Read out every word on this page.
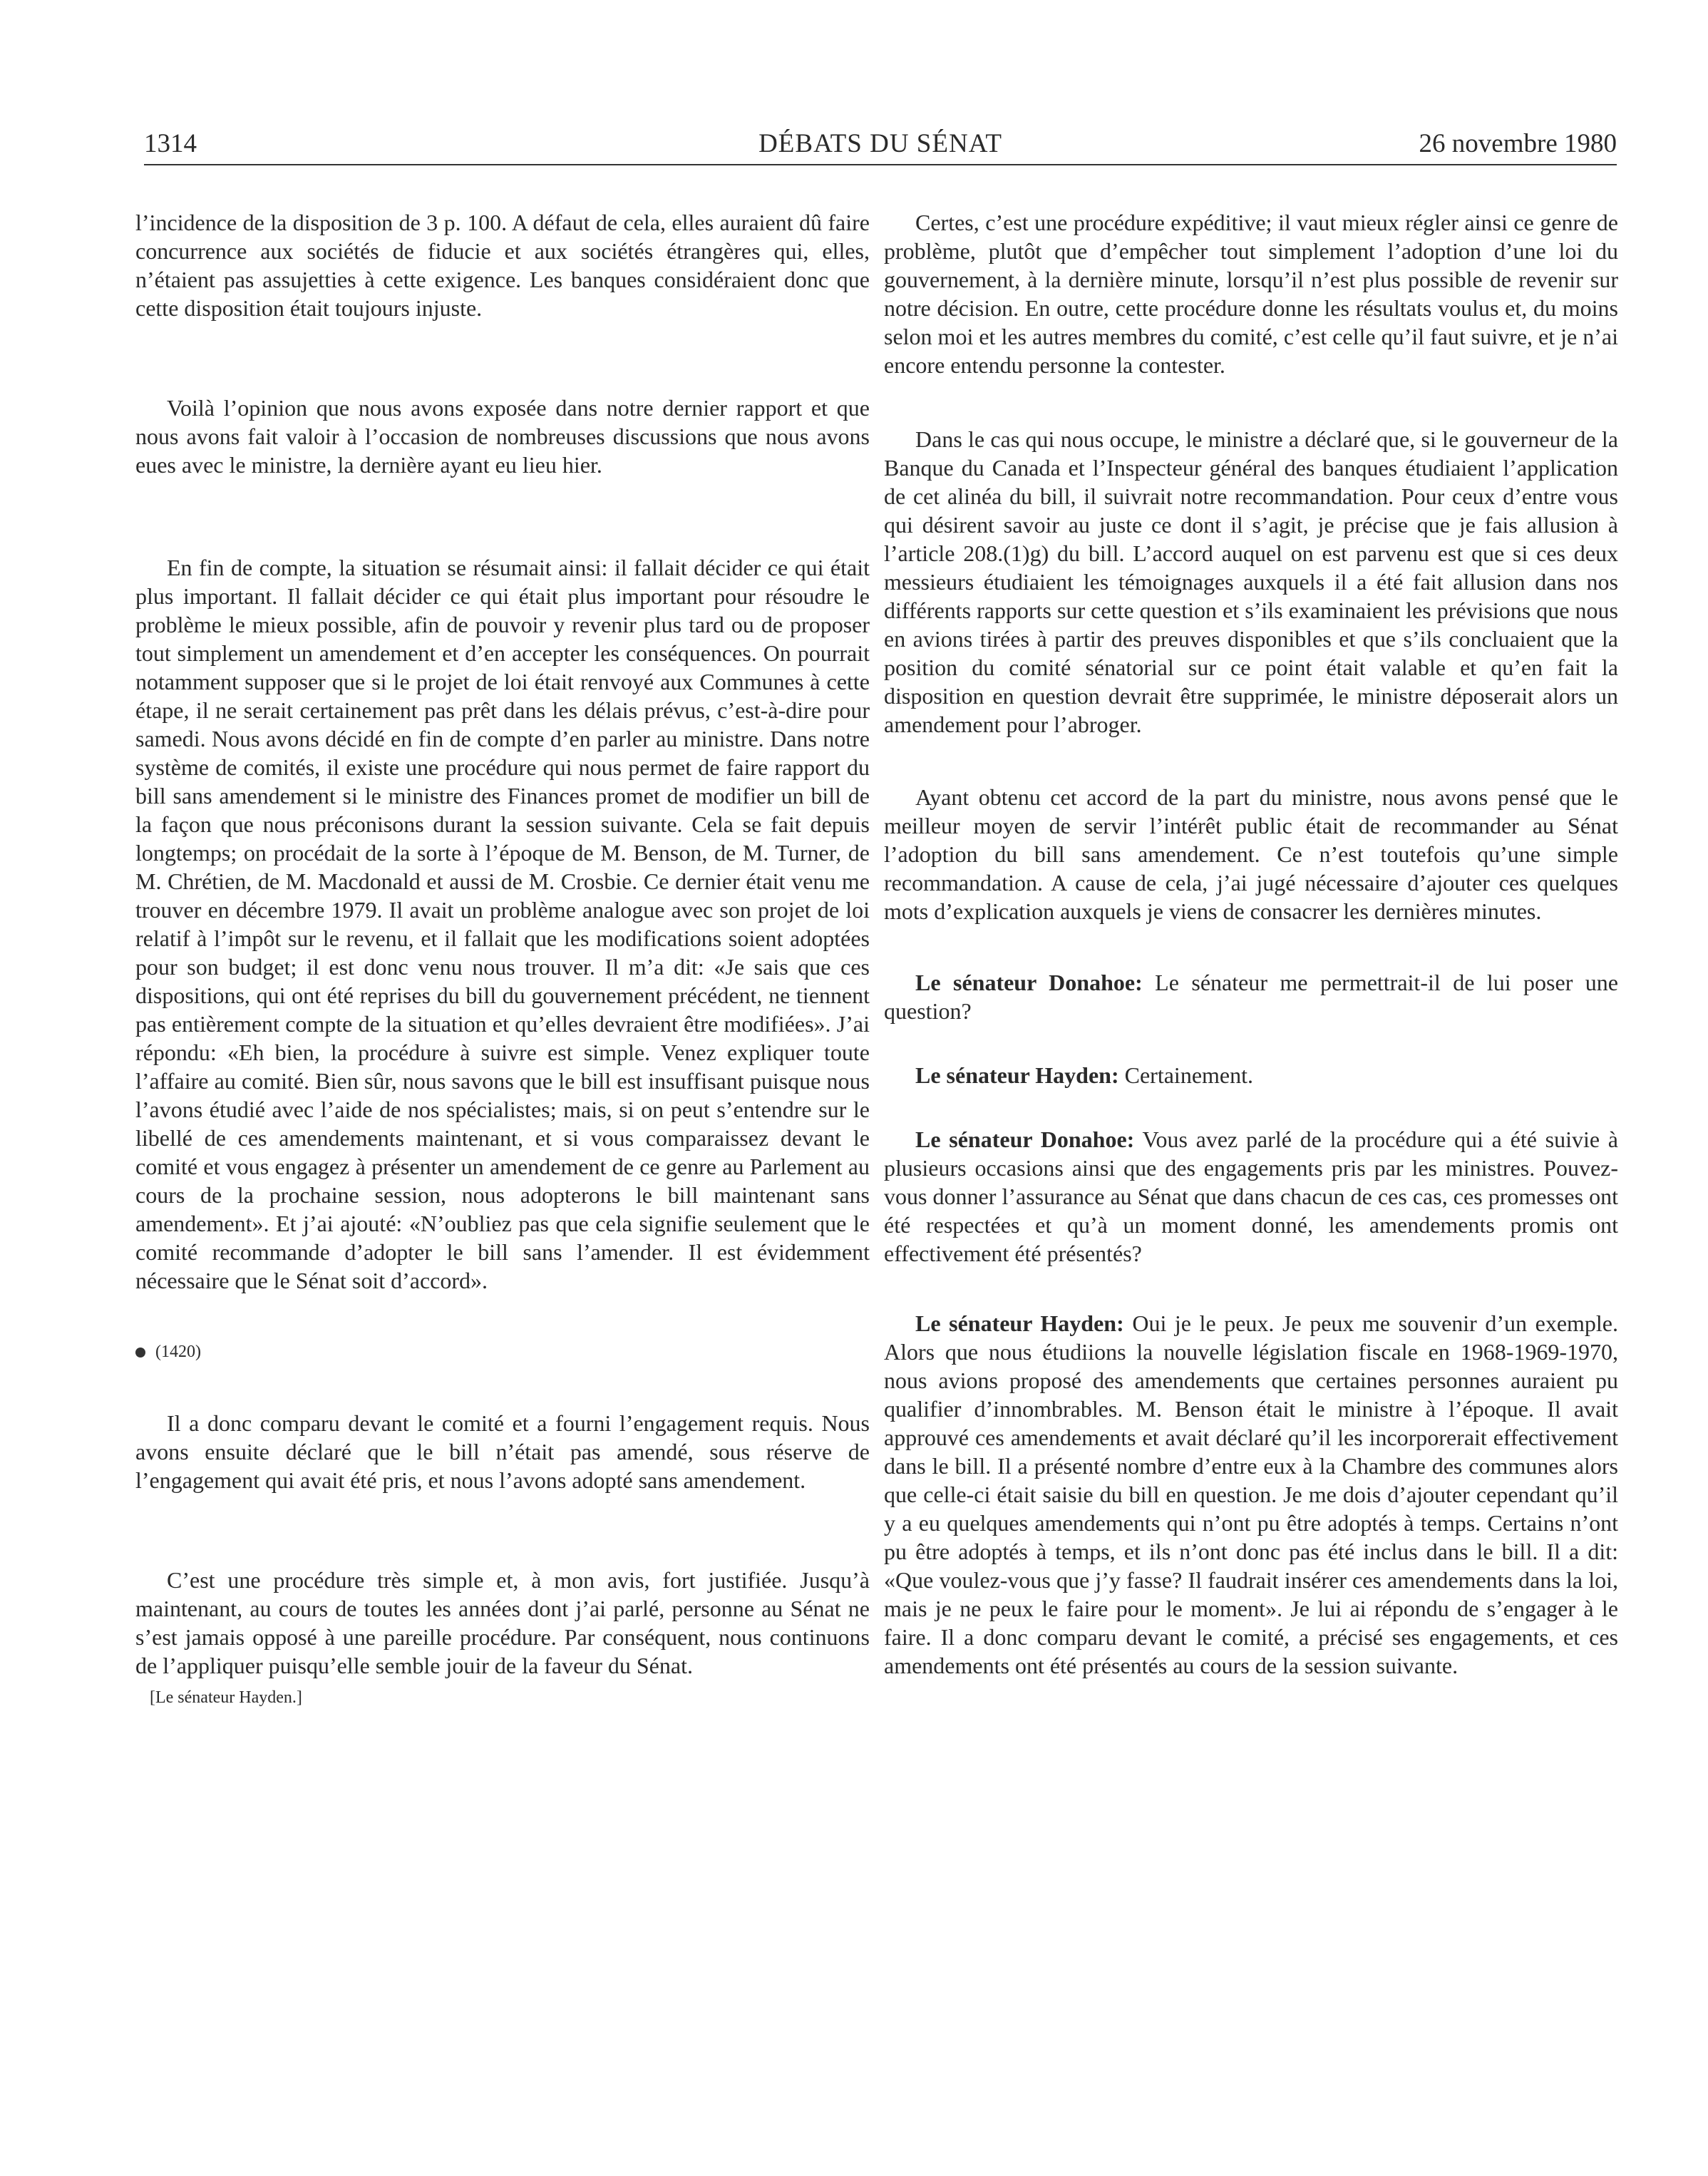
1314	DÉBATS DU SÉNAT	26 novembre 1980

l’incidence de la disposition de 3 p. 100. A défaut de cela, elles auraient dû faire concurrence aux sociétés de fiducie et aux sociétés étrangères qui, elles, n’étaient pas assujetties à cette exigence. Les banques considéraient donc que cette disposition était toujours injuste.

Voilà l’opinion que nous avons exposée dans notre dernier rapport et que nous avons fait valoir à l’occasion de nombreuses discussions que nous avons eues avec le ministre, la dernière ayant eu lieu hier.

En fin de compte, la situation se résumait ainsi: il fallait décider ce qui était plus important. Il fallait décider ce qui était plus important pour résoudre le problème le mieux possible, afin de pouvoir y revenir plus tard ou de proposer tout simplement un amendement et d’en accepter les conséquences. On pourrait notamment supposer que si le projet de loi était renvoyé aux Communes à cette étape, il ne serait certainement pas prêt dans les délais prévus, c’est-à-dire pour samedi. Nous avons décidé en fin de compte d’en parler au ministre. Dans notre système de comités, il existe une procédure qui nous permet de faire rapport du bill sans amendement si le ministre des Finances promet de modifier un bill de la façon que nous préconisons durant la session suivante. Cela se fait depuis longtemps; on procédait de la sorte à l’époque de M. Benson, de M. Turner, de M. Chrétien, de M. Macdonald et aussi de M. Crosbie. Ce dernier était venu me trouver en décembre 1979. Il avait un problème analogue avec son projet de loi relatif à l’impôt sur le revenu, et il fallait que les modifications soient adoptées pour son budget; il est donc venu nous trouver. Il m’a dit: «Je sais que ces dispositions, qui ont été reprises du bill du gouvernement précédent, ne tiennent pas entièrement compte de la situation et qu’elles devraient être modifiées». J’ai répondu: «Eh bien, la procédure à suivre est simple. Venez expliquer toute l’affaire au comité. Bien sûr, nous savons que le bill est insuffisant puisque nous l’avons étudié avec l’aide de nos spécialistes; mais, si on peut s’entendre sur le libellé de ces amendements maintenant, et si vous comparaissez devant le comité et vous engagez à présenter un amendement de ce genre au Parlement au cours de la prochaine session, nous adopterons le bill maintenant sans amendement». Et j’ai ajouté: «N’oubliez pas que cela signifie seulement que le comité recommande d’adopter le bill sans l’amender. Il est évidemment nécessaire que le Sénat soit d’accord».

(1420)

Il a donc comparu devant le comité et a fourni l’engagement requis. Nous avons ensuite déclaré que le bill n’était pas amendé, sous réserve de l’engagement qui avait été pris, et nous l’avons adopté sans amendement.

C’est une procédure très simple et, à mon avis, fort justifiée. Jusqu’à maintenant, au cours de toutes les années dont j’ai parlé, personne au Sénat ne s’est jamais opposé à une pareille procédure. Par conséquent, nous continuons de l’appliquer puisqu’elle semble jouir de la faveur du Sénat.

[Le sénateur Hayden.]

Certes, c’est une procédure expéditive; il vaut mieux régler ainsi ce genre de problème, plutôt que d’empêcher tout simplement l’adoption d’une loi du gouvernement, à la dernière minute, lorsqu’il n’est plus possible de revenir sur notre décision. En outre, cette procédure donne les résultats voulus et, du moins selon moi et les autres membres du comité, c’est celle qu’il faut suivre, et je n’ai encore entendu personne la contester.

Dans le cas qui nous occupe, le ministre a déclaré que, si le gouverneur de la Banque du Canada et l’Inspecteur général des banques étudiaient l’application de cet alinéa du bill, il suivrait notre recommandation. Pour ceux d’entre vous qui désirent savoir au juste ce dont il s’agit, je précise que je fais allusion à l’article 208.(1)g) du bill. L’accord auquel on est parvenu est que si ces deux messieurs étudiaient les témoignages auxquels il a été fait allusion dans nos différents rapports sur cette question et s’ils examinaient les prévisions que nous en avions tirées à partir des preuves disponibles et que s’ils concluaient que la position du comité sénatorial sur ce point était valable et qu’en fait la disposition en question devrait être supprimée, le ministre déposerait alors un amendement pour l’abroger.

Ayant obtenu cet accord de la part du ministre, nous avons pensé que le meilleur moyen de servir l’intérêt public était de recommander au Sénat l’adoption du bill sans amendement. Ce n’est toutefois qu’une simple recommandation. A cause de cela, j’ai jugé nécessaire d’ajouter ces quelques mots d’explication auxquels je viens de consacrer les dernières minutes.

Le sénateur Donahoe: Le sénateur me permettrait-il de lui poser une question?

Le sénateur Hayden: Certainement.

Le sénateur Donahoe: Vous avez parlé de la procédure qui a été suivie à plusieurs occasions ainsi que des engagements pris par les ministres. Pouvez-vous donner l’assurance au Sénat que dans chacun de ces cas, ces promesses ont été respectées et qu’à un moment donné, les amendements promis ont effectivement été présentés?

Le sénateur Hayden: Oui je le peux. Je peux me souvenir d’un exemple. Alors que nous étudiions la nouvelle législation fiscale en 1968-1969-1970, nous avions proposé des amendements que certaines personnes auraient pu qualifier d’innombrables. M. Benson était le ministre à l’époque. Il avait approuvé ces amendements et avait déclaré qu’il les incorporerait effectivement dans le bill. Il a présenté nombre d’entre eux à la Chambre des communes alors que celle-ci était saisie du bill en question. Je me dois d’ajouter cependant qu’il y a eu quelques amendements qui n’ont pu être adoptés à temps. Certains n’ont pu être adoptés à temps, et ils n’ont donc pas été inclus dans le bill. Il a dit: «Que voulez-vous que j’y fasse? Il faudrait insérer ces amendements dans la loi, mais je ne peux le faire pour le moment». Je lui ai répondu de s’engager à le faire. Il a donc comparu devant le comité, a précisé ses engagements, et ces amendements ont été présentés au cours de la session suivante.
